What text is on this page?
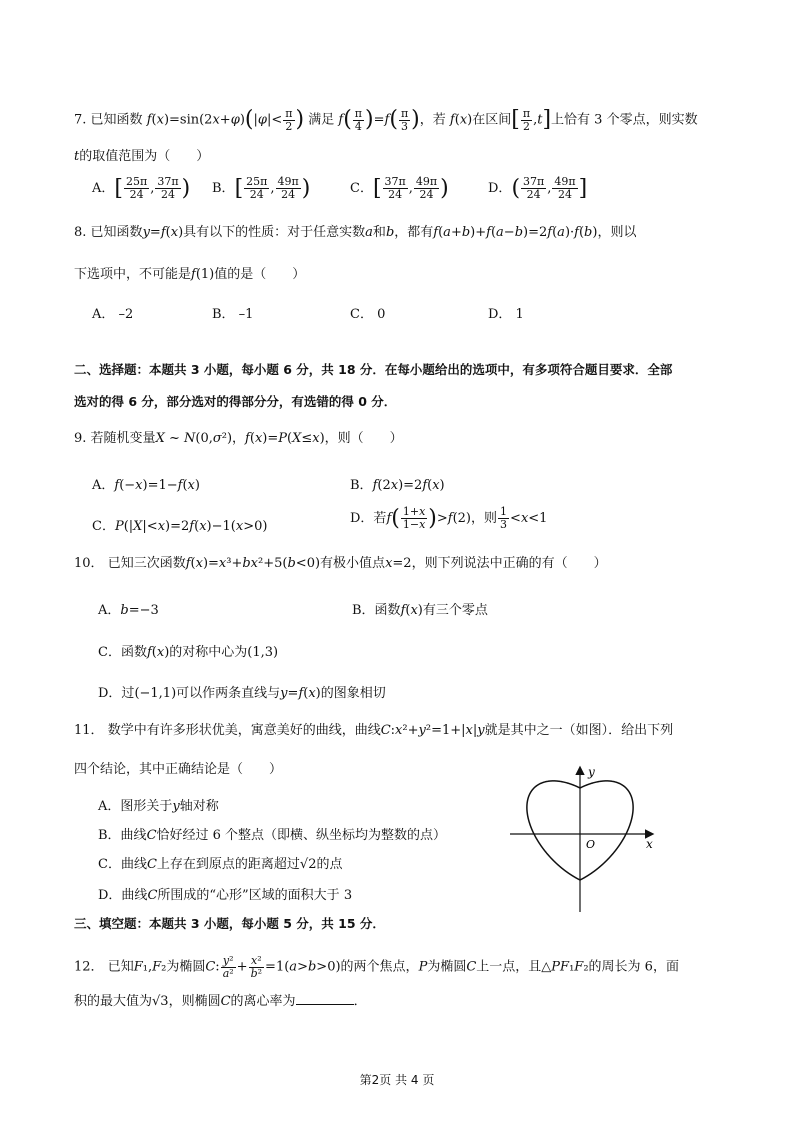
7. 已知函数 $f(x)=\sin(2x+\varphi)(|\varphi|< \frac{\pi}{2}$ ) 满足 $f( \frac{\pi}{4} )=f( \frac{\pi}{3}$ )，若 f(x)在区间[ $\frac{\pi}{2} ,t$]上恰有 3 个零点，则实数
t的取值范围为（　　）
A．[ $\frac{25\pi}{24}$ , $\frac{37\pi}{24}$ ) B．[ $\frac{25\pi}{24}$ , $\frac{49\pi}{24}$ )	C．[ $\frac{37\pi}{24}$ , $\frac{49\pi}{24}$ )	D．( $\frac{37\pi}{24}$ , $\frac{49\pi}{24}$ ]
8. 已知函数y=f(x)具有以下的性质：对于任意实数a和b，都有f(a+b)+f(a−b)=2f(a)·f(b)，则以
下选项中，不可能是f(1)值的是（　　）
A． –2	B． –1	C． 0	D． 1
二、选择题：本题共 3 小题，每小题 6 分，共 18 分．在每小题给出的选项中，有多项符合题目要求．全部
选对的得 6 分，部分选对的得部分分，有选错的得 0 分．
9. 若随机变量X ~ N(0,σ²)，f(x)=P(X≤x)，则（　　）
A．f(−x)=1−f(x)	B．f(2x)=2f(x)
C．P(|X|<x)=2f(x)−1(x>0)
D．若$f( \frac{1+x}{1-x} )>f(2)$，则 $\frac{1}{3} <x<1$
10． 已知三次函数f(x)=x³+bx²+5(b<0)有极小值点x=2，则下列说法中正确的有（　　）
A．b=−3	B．函数f(x)有三个零点
C．函数f(x)的对称中心为(1,3)
D．过(−1,1)可以作两条直线与y=f(x)的图象相切
11． 数学中有许多形状优美，寓意美好的曲线，曲线C:x²+y²=1+|x|y就是其中之一（如图）．给出下列
四个结论，其中正确结论是（　　）
A．图形关于y轴对称
B．曲线C恰好经过 6 个整点（即横、纵坐标均为整数的点）
C．曲线C上存在到原点的距离超过√2的点
D．曲线C所围成的“心形”区域的面积大于 3
y
x
O
三、填空题：本题共 3 小题，每小题 5 分，共 15 分．
12． 已知F₁,F₂为椭圆C: $\frac{\text{y²}}{\text{a²}} + \frac{\text{x²}}{\text{b²}} =1(a>b>0)$的两个焦点，P为椭圆C上一点，且△PF₁F₂的周长为 6，面
积的最大值为√3，则椭圆C的离心率为	．
第2页 共 4 页
